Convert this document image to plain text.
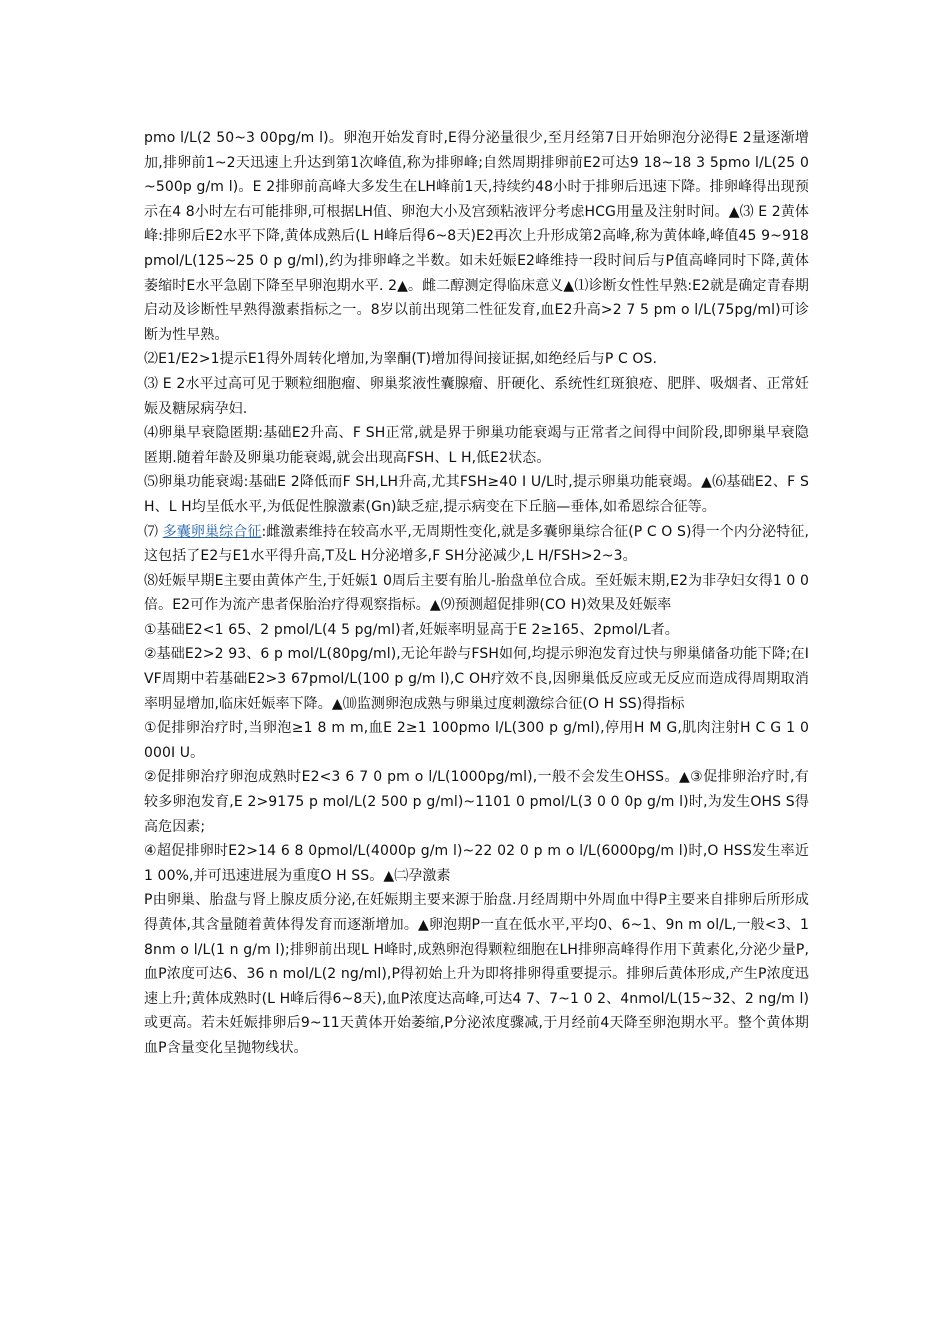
pmo l/L(2 50~3 00pg/m l)。卵泡开始发育时,E得分泌量很少,至月经第7日开始卵泡分泌得E 2量逐渐增加,排卵前1~2天迅速上升达到第1次峰值,称为排卵峰;自然周期排卵前E2可达9 18~18 3 5pmo l/L(25 0~500p g/m l)。E 2排卵前高峰大多发生在LH峰前1天,持续约48小时于排卵后迅速下降。排卵峰得出现预示在4 8小时左右可能排卵,可根据LH值、卵泡大小及宫颈粘液评分考虑HCG用量及注射时间。▲⑶ E 2黄体峰:排卵后E2水平下降,黄体成熟后(L H峰后得6~8天)E2再次上升形成第2高峰,称为黄体峰,峰值45 9~918pmol/L(125~25 0 p g/ml),约为排卵峰之半数。如未妊娠E2峰维持一段时间后与P值高峰同时下降,黄体萎缩时E水平急剧下降至早卵泡期水平. 2▲。雌二醇测定得临床意义▲⑴诊断女性性早熟:E2就是确定青春期启动及诊断性早熟得激素指标之一。8岁以前出现第二性征发育,血E2升高>2 7 5 pm o l/L(75pg/ml)可诊断为性早熟。

⑵E1/E2>1提示E1得外周转化增加,为睾酮(T)增加得间接证据,如绝经后与P C OS.

⑶ E 2水平过高可见于颗粒细胞瘤、卵巢浆液性囊腺瘤、肝硬化、系统性红斑狼疮、肥胖、吸烟者、正常妊娠及糖尿病孕妇.

⑷卵巢早衰隐匿期:基础E2升高、F SH正常,就是界于卵巢功能衰竭与正常者之间得中间阶段,即卵巢早衰隐匿期.随着年龄及卵巢功能衰竭,就会出现高FSH、L H,低E2状态。

⑸卵巢功能衰竭:基础E 2降低而F SH,LH升高,尤其FSH≥40 I U/L时,提示卵巢功能衰竭。▲⑹基础E2、F SH、L H均呈低水平,为低促性腺激素(Gn)缺乏症,提示病变在下丘脑—垂体,如希恩综合征等。

⑺ 多囊卵巢综合征:雌激素维持在较高水平,无周期性变化,就是多囊卵巢综合征(P C O S)得一个内分泌特征,这包括了E2与E1水平得升高,T及L H分泌增多,F SH分泌减少,L H/FSH>2~3。

⑻妊娠早期E主要由黄体产生,于妊娠1 0周后主要有胎儿-胎盘单位合成。至妊娠末期,E2为非孕妇女得1 0 0倍。E2可作为流产患者保胎治疗得观察指标。▲⑼预测超促排卵(CO H)效果及妊娠率

①基础E2<1 65、2 pmol/L(4 5 pg/ml)者,妊娠率明显高于E 2≥165、2pmol/L者。

②基础E2>2 93、6 p mol/L(80pg/ml),无论年龄与FSH如何,均提示卵泡发育过快与卵巢储备功能下降;在IVF周期中若基础E2>3 67pmol/L(100 p g/m l),C OH疗效不良,因卵巢低反应或无反应而造成得周期取消率明显增加,临床妊娠率下降。▲⑽监测卵泡成熟与卵巢过度刺激综合征(O H SS)得指标

①促排卵治疗时,当卵泡≥1 8 m m,血E 2≥1 100pmo l/L(300 p g/ml),停用H M G,肌肉注射H C G 1 0 000I U。

②促排卵治疗卵泡成熟时E2<3 6 7 0 pm o l/L(1000pg/ml),一般不会发生OHSS。▲③促排卵治疗时,有较多卵泡发育,E 2>9175 p mol/L(2 500 p g/ml)~1101 0 pmol/L(3 0 0 0p g/m l)时,为发生OHS S得高危因素;

④超促排卵时E2>14 6 8 0pmol/L(4000p g/m l)~22 02 0 p m o l/L(6000pg/m l)时,O HSS发生率近1 00%,并可迅速进展为重度O H SS。▲㈡孕激素

P由卵巢、胎盘与肾上腺皮质分泌,在妊娠期主要来源于胎盘.月经周期中外周血中得P主要来自排卵后所形成得黄体,其含量随着黄体得发育而逐渐增加。▲卵泡期P一直在低水平,平均0、6~1、9n m ol/L,一般<3、18nm o l/L(1 n g/m l);排卵前出现L H峰时,成熟卵泡得颗粒细胞在LH排卵高峰得作用下黄素化,分泌少量P,血P浓度可达6、36 n mol/L(2 ng/ml),P得初始上升为即将排卵得重要提示。排卵后黄体形成,产生P浓度迅速上升;黄体成熟时(L H峰后得6~8天),血P浓度达高峰,可达4 7、7~1 0 2、4nmol/L(15~32、2 ng/m l)或更高。若未妊娠排卵后9~11天黄体开始萎缩,P分泌浓度骤减,于月经前4天降至卵泡期水平。整个黄体期血P含量变化呈抛物线状。
